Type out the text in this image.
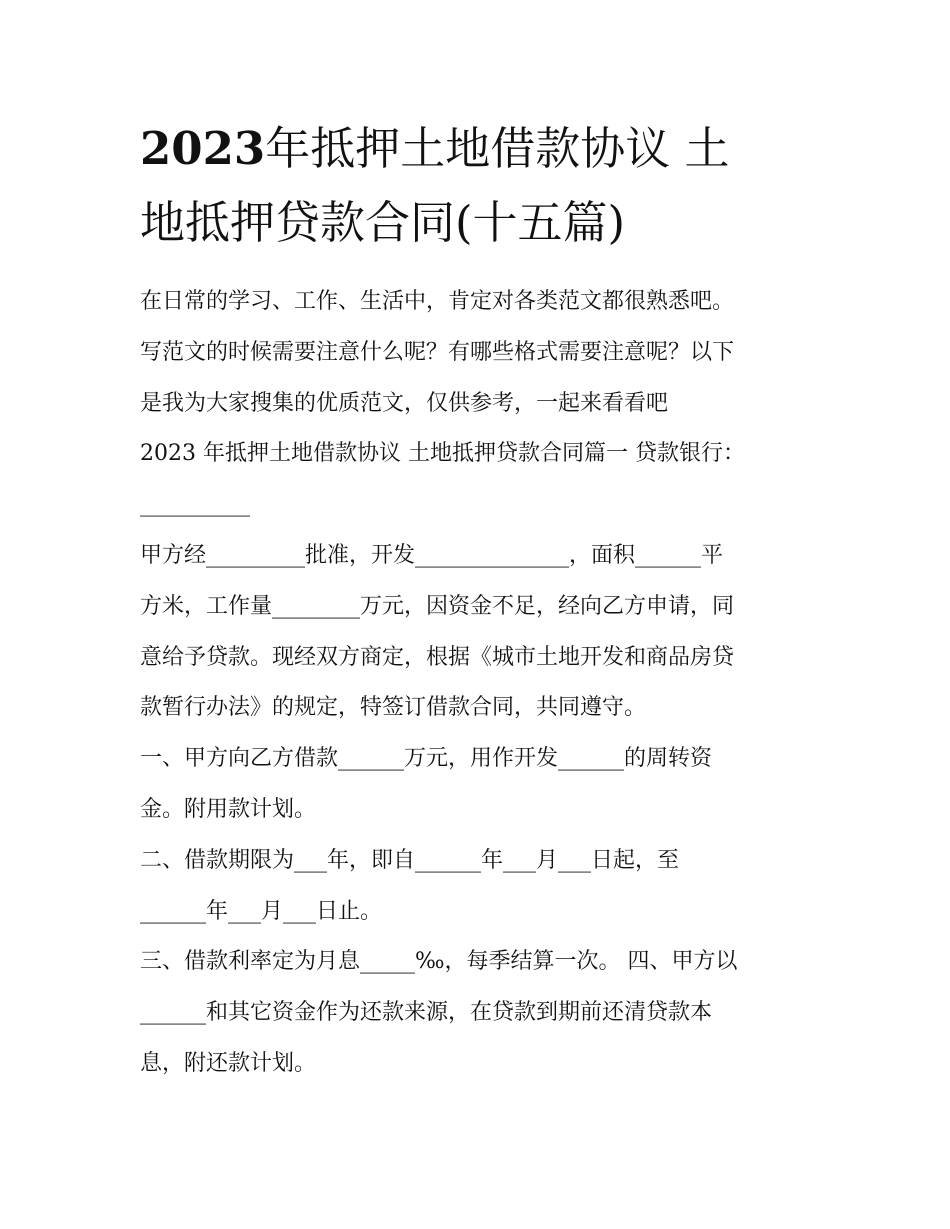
2023年抵押土地借款协议 土
地抵押贷款合同(十五篇)
在日常的学习、工作、生活中，肯定对各类范文都很熟悉吧。
写范文的时候需要注意什么呢？有哪些格式需要注意呢？以下
是我为大家搜集的优质范文，仅供参考，一起来看看吧
2023 年抵押土地借款协议 土地抵押贷款合同篇一 贷款银行：
__________
甲方经_________批准，开发______________，面积______平
方米，工作量________万元，因资金不足，经向乙方申请，同
意给予贷款。现经双方商定，根据《城市土地开发和商品房贷
款暂行办法》的规定，特签订借款合同，共同遵守。
一、甲方向乙方借款______万元，用作开发______的周转资
金。附用款计划。
二、借款期限为___年，即自______年___月___日起，至
______年___月___日止。
三、借款利率定为月息_____‰，每季结算一次。 四、甲方以
______和其它资金作为还款来源，在贷款到期前还清贷款本
息，附还款计划。
